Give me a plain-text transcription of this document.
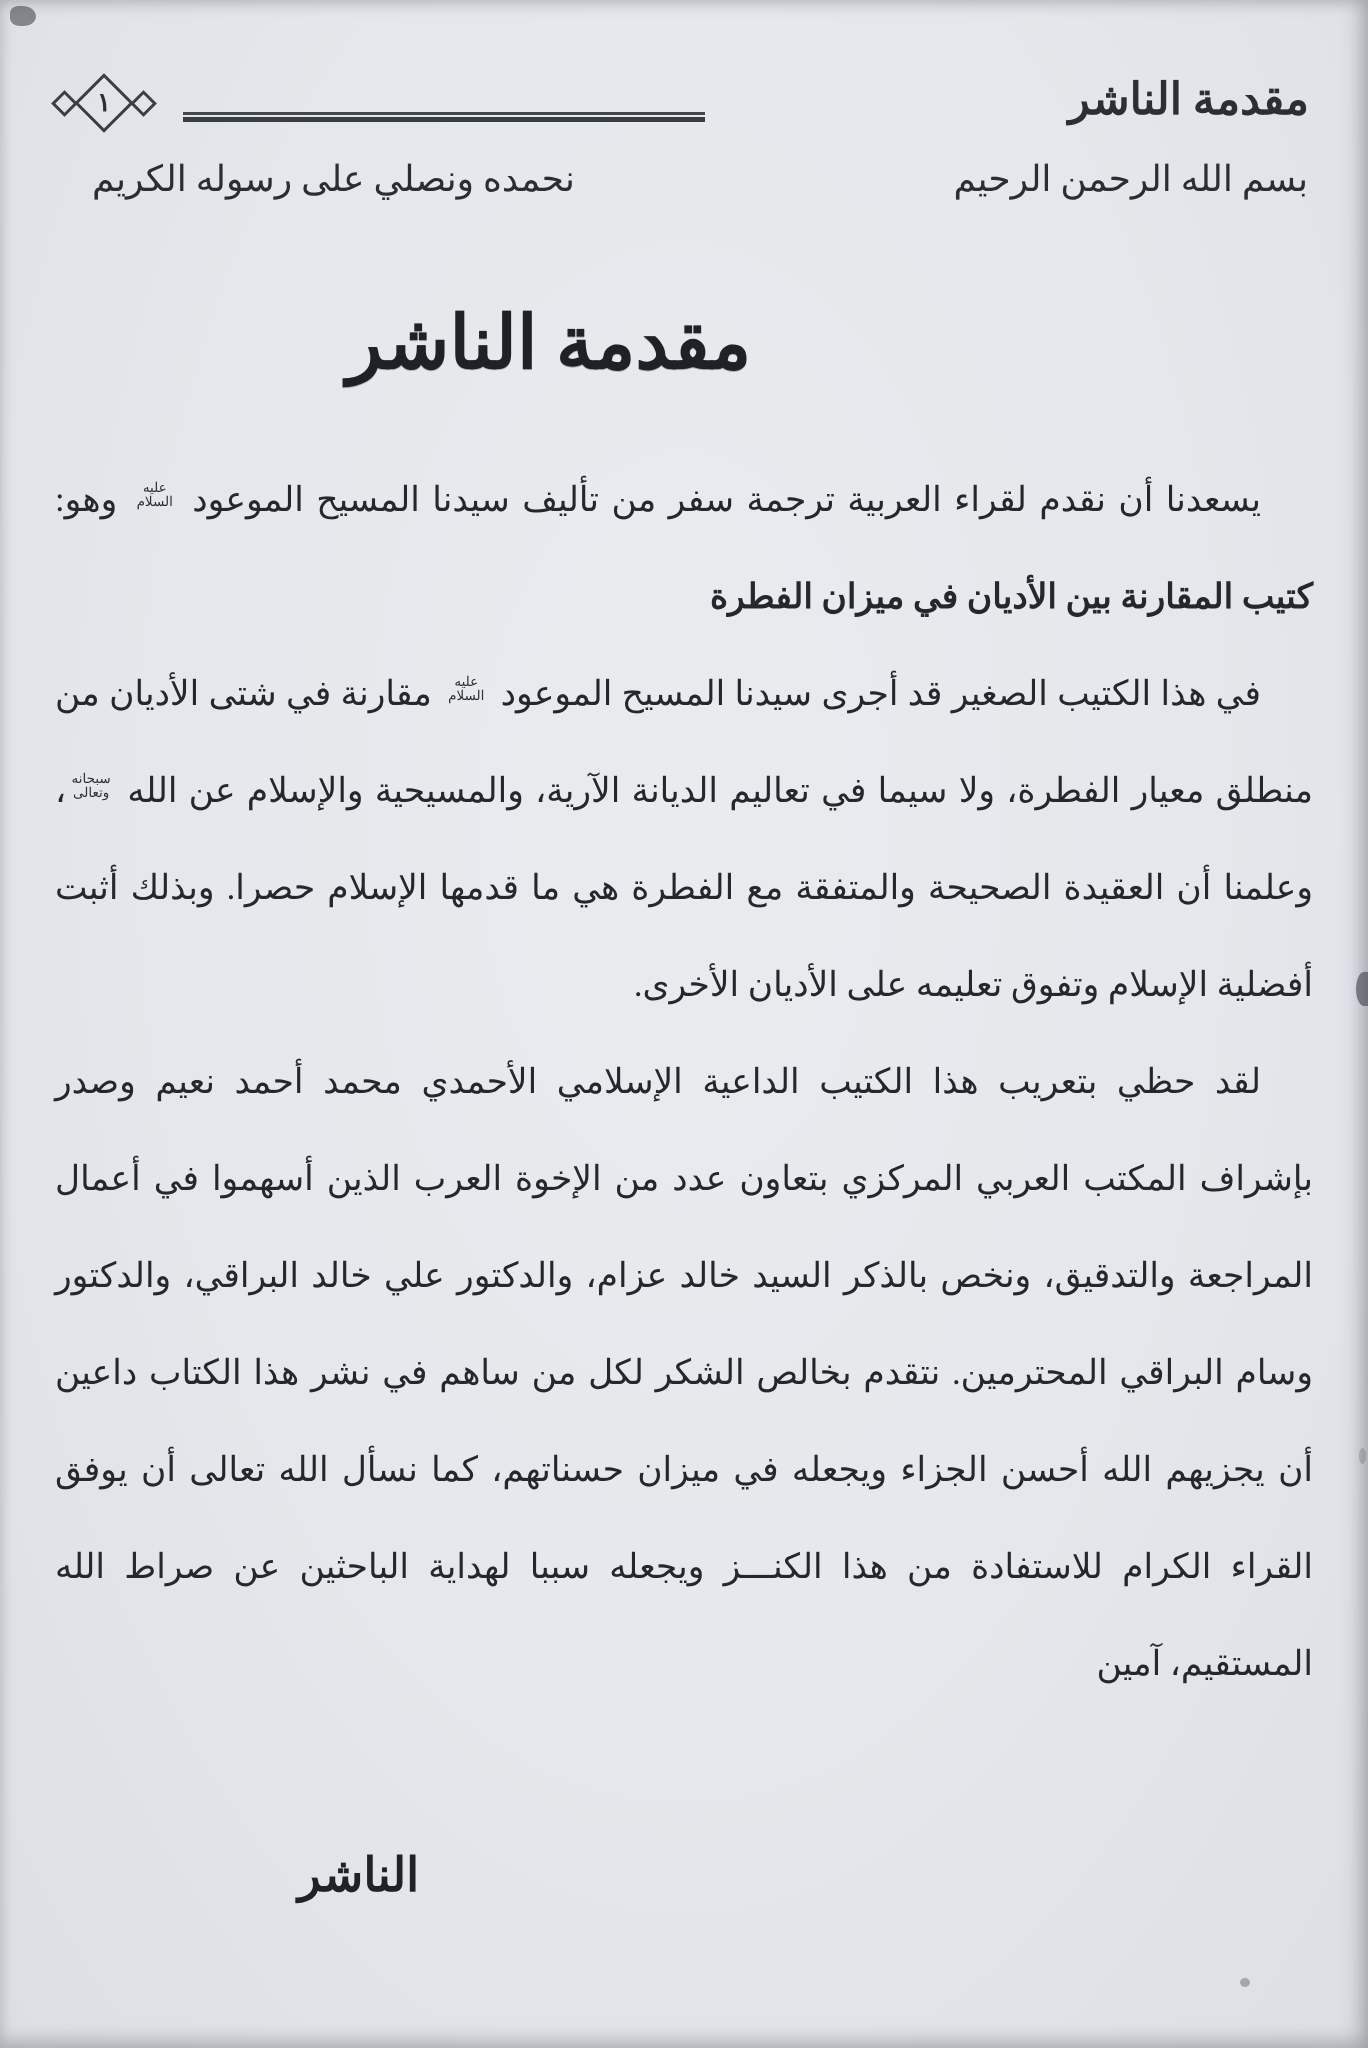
مقدمة الناشر
١
بسم الله الرحمن الرحيم
نحمده ونصلي على رسوله الكريم
مقدمة الناشر

يسعدنا أن نقدم لقراء العربية ترجمة سفر من تأليف سيدنا المسيح الموعود عليه السلام وهو: كتيب المقارنة بين الأديان في ميزان الفطرة

في هذا الكتيب الصغير قد أجرى سيدنا المسيح الموعود عليه السلام مقارنة في شتى الأديان من منطلق معيار الفطرة، ولا سيما في تعاليم الديانة الآرية، والمسيحية والإسلام عن الله سبحانه وتعالى، وعلمنا أن العقيدة الصحيحة والمتفقة مع الفطرة هي ما قدمها الإسلام حصرا. وبذلك أثبت أفضلية الإسلام وتفوق تعليمه على الأديان الأخرى.

لقد حظي بتعريب هذا الكتيب الداعية الإسلامي الأحمدي محمد أحمد نعيم وصدر بإشراف المكتب العربي المركزي بتعاون عدد من الإخوة العرب الذين أسهموا في أعمال المراجعة والتدقيق، ونخص بالذكر السيد خالد عزام، والدكتور علي خالد البراقي، والدكتور وسام البراقي المحترمين. نتقدم بخالص الشكر لكل من ساهم في نشر هذا الكتاب داعين أن يجزيهم الله أحسن الجزاء ويجعله في ميزان حسناتهم، كما نسأل الله تعالى أن يوفق القراء الكرام للاستفادة من هذا الكنـــز ويجعله سببا لهداية الباحثين عن صراط الله المستقيم، آمين

الناشر
